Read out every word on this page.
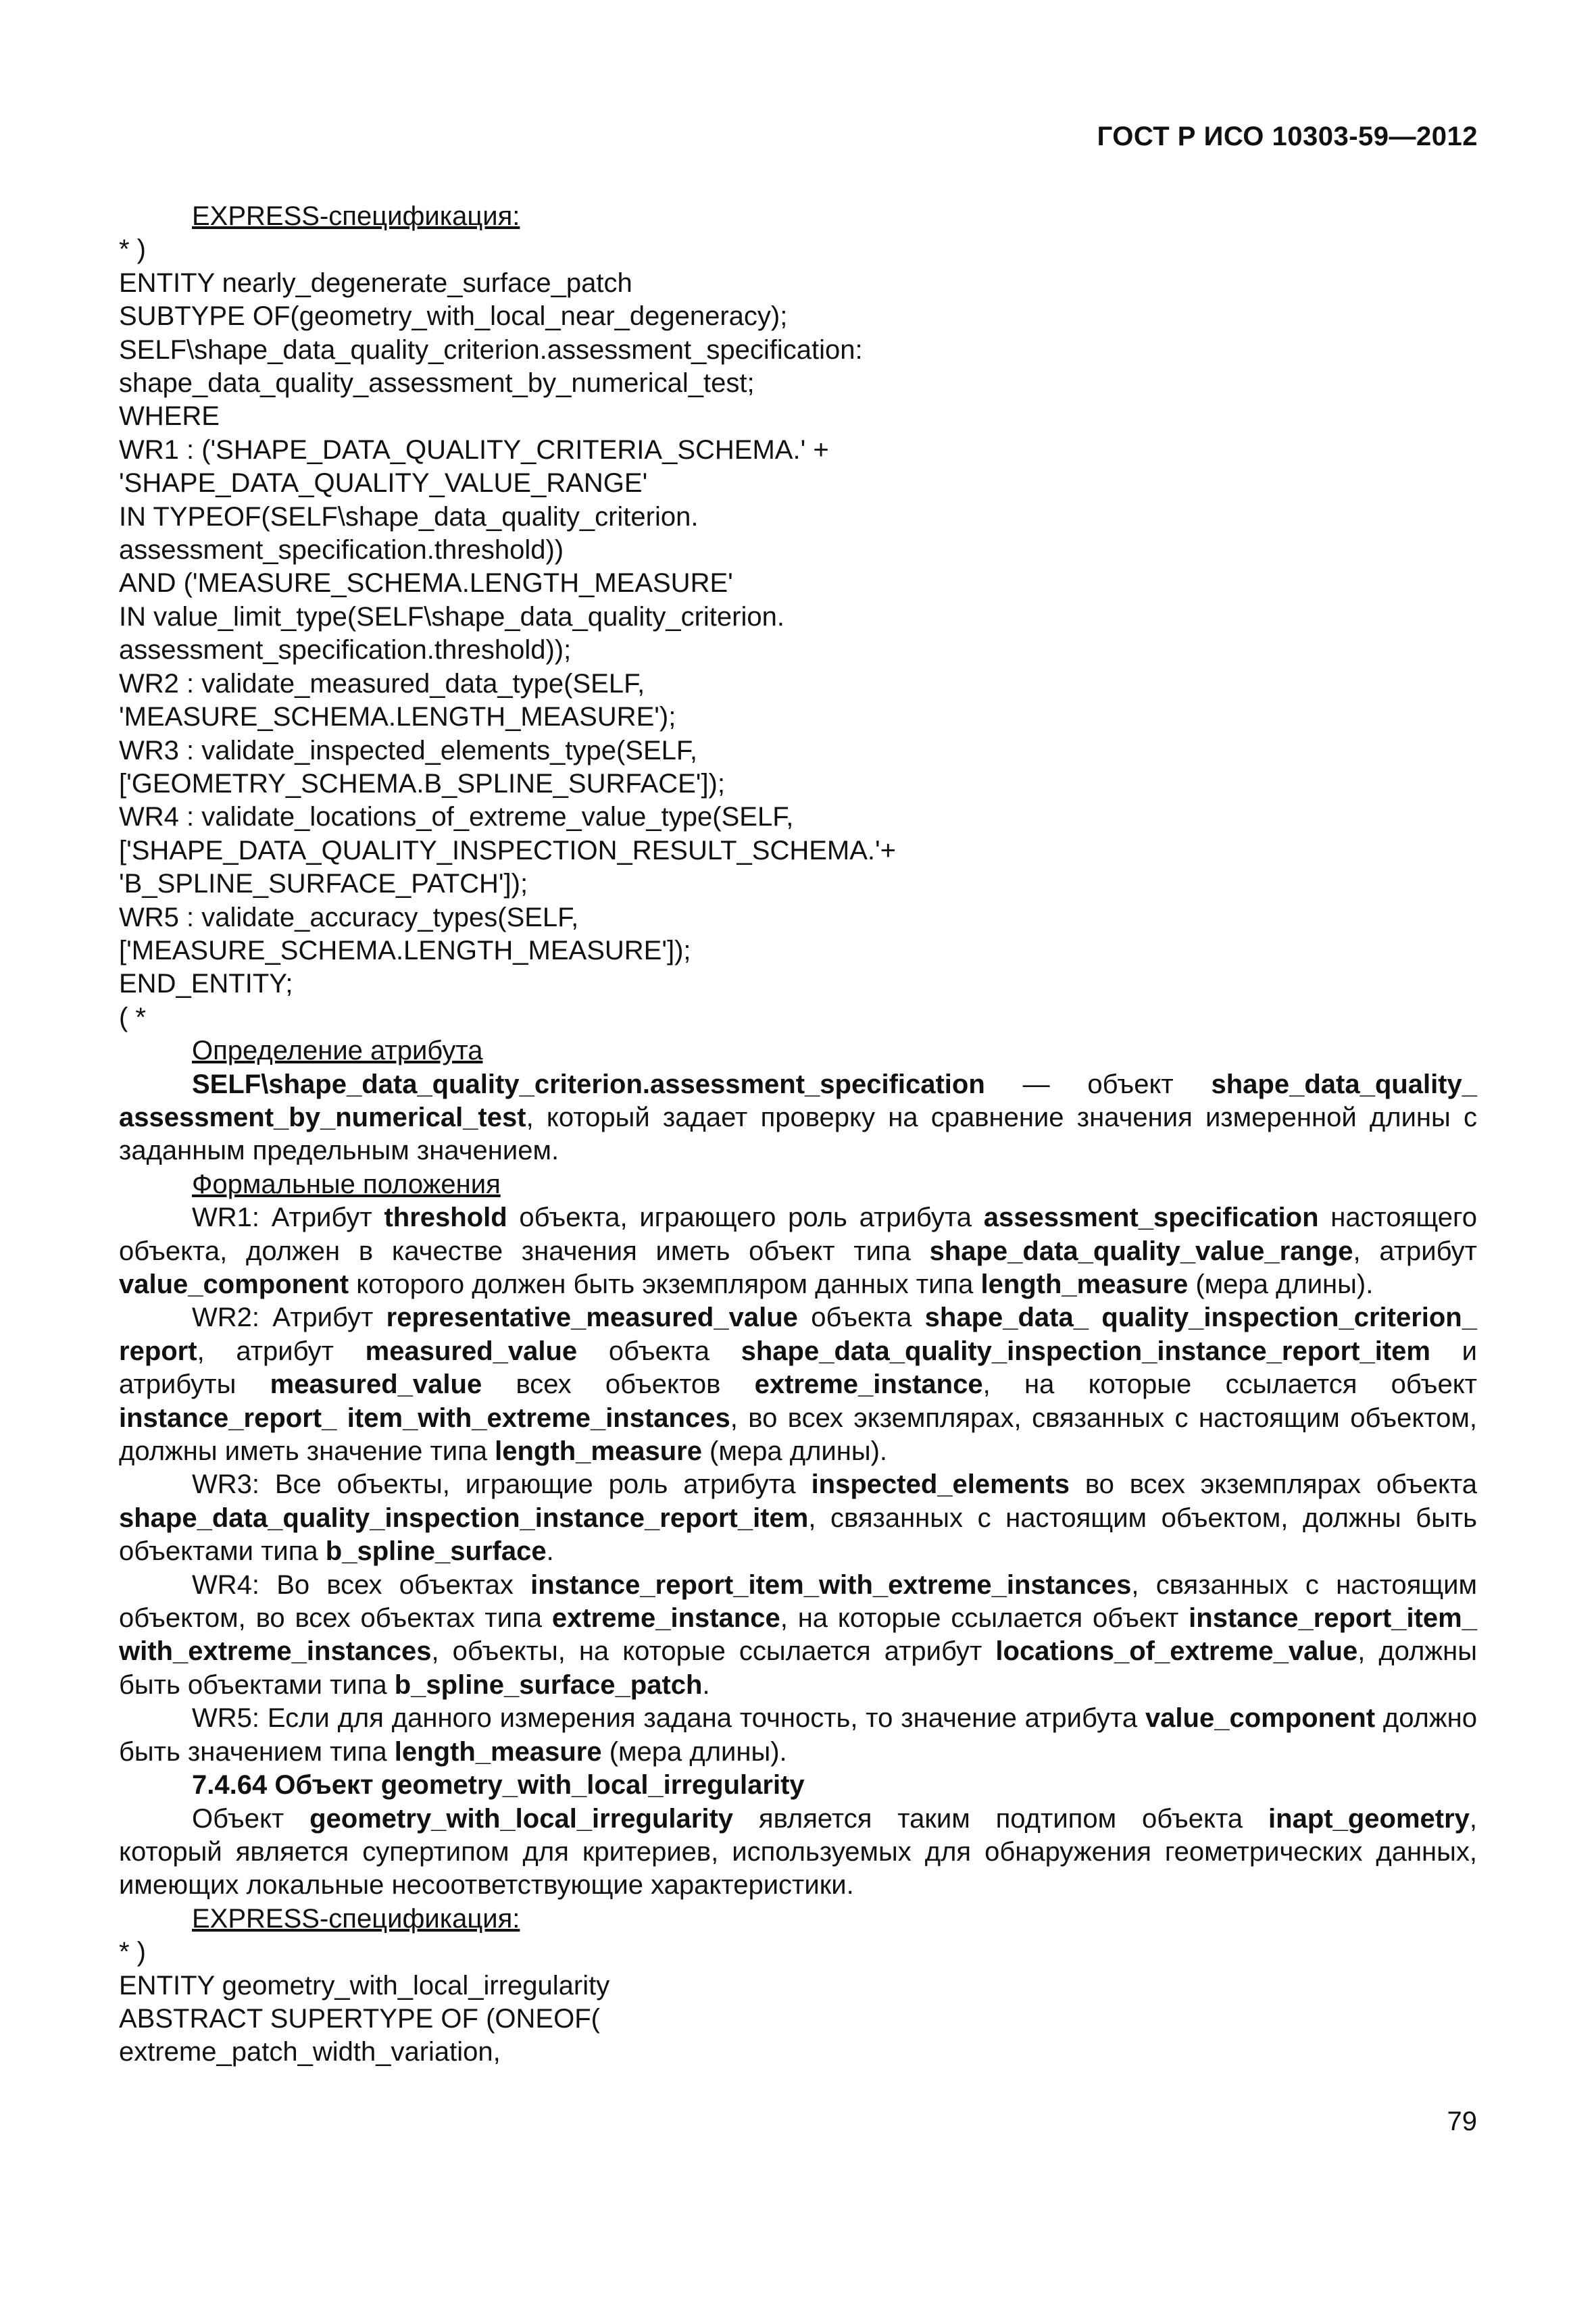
ГОСТ Р ИСО 10303-59—2012
EXPRESS-спецификация:
* )
ENTITY nearly_degenerate_surface_patch
SUBTYPE OF(geometry_with_local_near_degeneracy);
SELF\shape_data_quality_criterion.assessment_specification:
shape_data_quality_assessment_by_numerical_test;
WHERE
WR1 : ('SHAPE_DATA_QUALITY_CRITERIA_SCHEMA.' +
'SHAPE_DATA_QUALITY_VALUE_RANGE'
IN TYPEOF(SELF\shape_data_quality_criterion.
assessment_specification.threshold))
AND ('MEASURE_SCHEMA.LENGTH_MEASURE'
IN value_limit_type(SELF\shape_data_quality_criterion.
assessment_specification.threshold));
WR2 : validate_measured_data_type(SELF,
'MEASURE_SCHEMA.LENGTH_MEASURE');
WR3 : validate_inspected_elements_type(SELF,
['GEOMETRY_SCHEMA.B_SPLINE_SURFACE']);
WR4 : validate_locations_of_extreme_value_type(SELF,
['SHAPE_DATA_QUALITY_INSPECTION_RESULT_SCHEMA.'+
'B_SPLINE_SURFACE_PATCH']);
WR5 : validate_accuracy_types(SELF,
['MEASURE_SCHEMA.LENGTH_MEASURE']);
END_ENTITY;
( *
Определение атрибута
SELF\shape_data_quality_criterion.assessment_specification — объект shape_data_quality_ assessment_by_numerical_test, который задает проверку на сравнение значения измеренной длины с заданным предельным значением.
Формальные положения
WR1: Атрибут threshold объекта, играющего роль атрибута assessment_specification настоящего объекта, должен в качестве значения иметь объект типа shape_data_quality_value_range, атрибут value_component которого должен быть экземпляром данных типа length_measure (мера длины).
WR2: Атрибут representative_measured_value объекта shape_data_ quality_inspection_criterion_ report, атрибут measured_value объекта shape_data_quality_inspection_instance_report_item и атрибуты measured_value всех объектов extreme_instance, на которые ссылается объект instance_report_ item_with_extreme_instances, во всех экземплярах, связанных с настоящим объектом, должны иметь значение типа length_measure (мера длины).
WR3: Все объекты, играющие роль атрибута inspected_elements во всех экземплярах объекта shape_data_quality_inspection_instance_report_item, связанных с настоящим объектом, должны быть объектами типа b_spline_surface.
WR4: Во всех объектах instance_report_item_with_extreme_instances, связанных с настоящим объектом, во всех объектах типа extreme_instance, на которые ссылается объект instance_report_item_ with_extreme_instances, объекты, на которые ссылается атрибут locations_of_extreme_value, должны быть объектами типа b_spline_surface_patch.
WR5: Если для данного измерения задана точность, то значение атрибута value_component должно быть значением типа length_measure (мера длины).
7.4.64 Объект geometry_with_local_irregularity
Объект geometry_with_local_irregularity является таким подтипом объекта inapt_geometry, который является супертипом для критериев, используемых для обнаружения геометрических данных, имеющих локальные несоответствующие характеристики.
EXPRESS-спецификация:
* )
ENTITY geometry_with_local_irregularity
ABSTRACT SUPERTYPE OF (ONEOF(
extreme_patch_width_variation,
79
